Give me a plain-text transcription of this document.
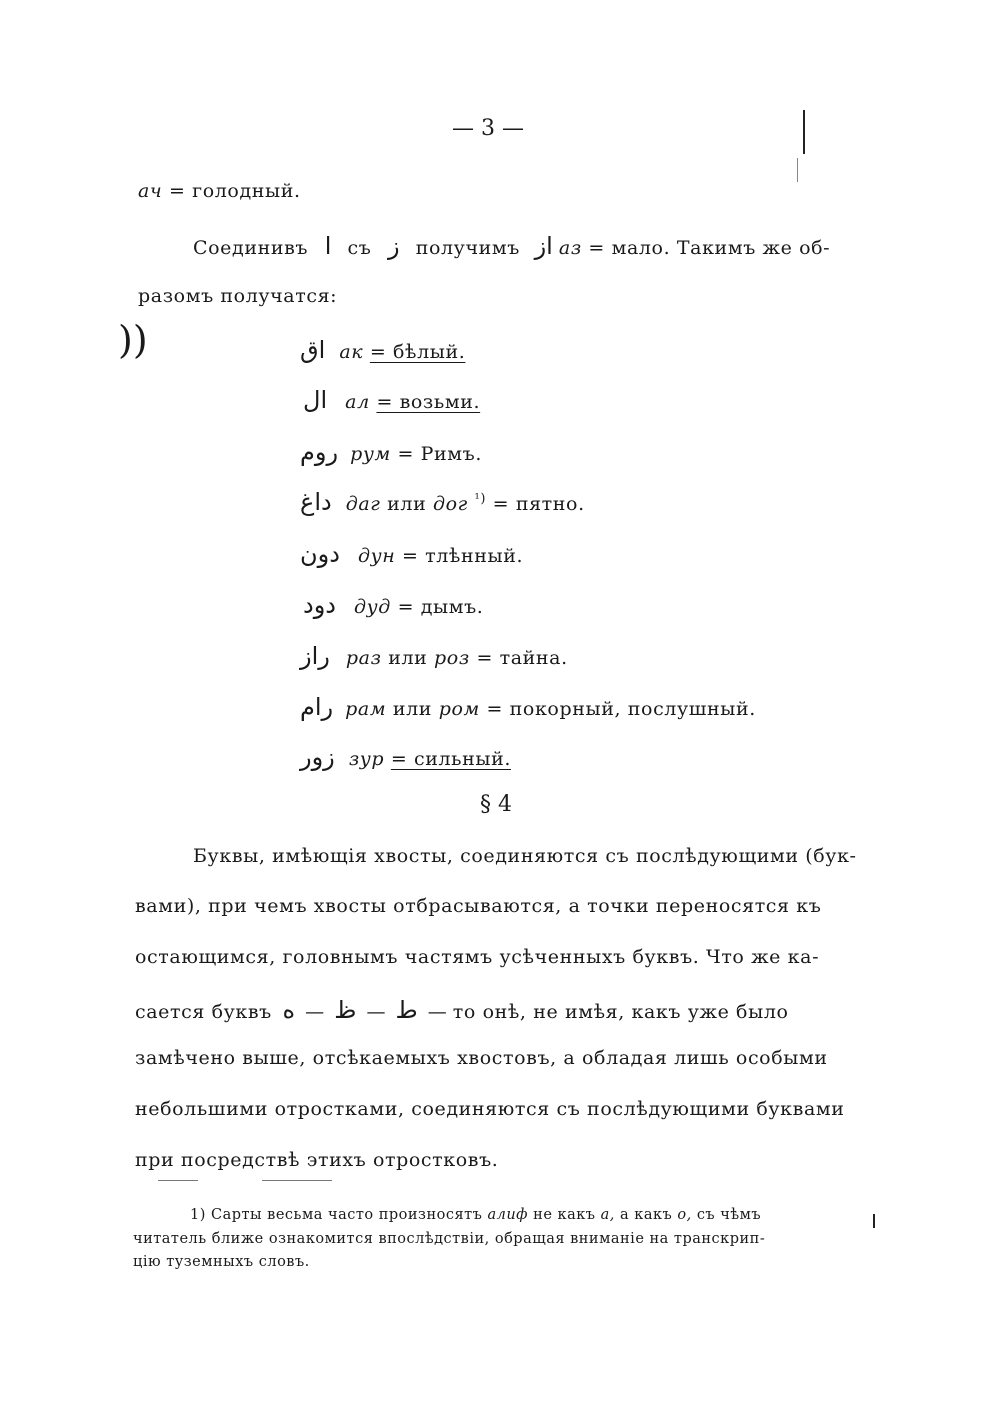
— 3 —
ач = голодный.
Соединивъ ا съ ز получимъ از аз = мало. Такимъ же об-
разомъ получатся:
))	اق ак = бѣлый.
ال ал = возьми.
روم рум = Римъ.
داغ даг или дог $^{^1)}$ = пятно.
دون дун = тлѣнный.
دود дуд = дымъ.
راز раз или роз = тайна.
رام рам или ром = покорный, послушный.
زور зур = сильный.
§ 4
Буквы, имѣющія хвосты, соединяются съ послѣдующими (бук-
вами), при чемъ хвосты отбрасываются, а точки переносятся къ
остающимся, головнымъ частямъ усѣченныхъ буквъ. Что же ка-
сается буквъ	ط — ظ — ه	— то онѣ, не имѣя, какъ уже было
замѣчено выше, отсѣкаемыхъ хвостовъ, а обладая лишь особыми
небольшими отростками, соединяются съ послѣдующими буквами
при посредствѣ этихъ отростковъ.
1) Сарты весьма часто произносятъ алиф не какъ а, а какъ о, съ чѣмъ
читатель ближе ознакомится впослѣдствіи, обращая вниманіе на транскрип-
цію туземныхъ словъ.
